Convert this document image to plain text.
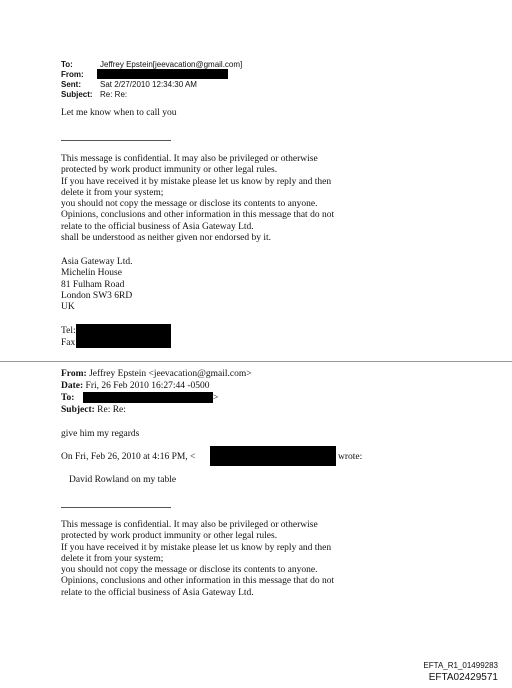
To:	Jeffrey Epstein[jeevacation@gmail.com]
From:
Sent: Sat 2/27/2010 12:34:30 AM
Subject: Re: Re:
Let me know when to call you
This message is confidential. It may also be privileged or otherwise
protected by work product immunity or other legal rules.
If you have received it by mistake please let us know by reply and then
delete it from your system;
you should not copy the message or disclose its contents to anyone.
Opinions, conclusions and other information in this message that do not
relate to the official business of Asia Gateway Ltd.
shall be understood as neither given nor endorsed by it.
Asia Gateway Ltd.
Michelin House
81 Fulham Road
London SW3 6RD
UK
Tel:
Fax
From: Jeffrey Epstein <jeevacation@gmail.com>
Date: Fri, 26 Feb 2010 16:27:44 -0500
To:	>
Subject: Re: Re:
give him my regards
On Fri, Feb 26, 2010 at 4:16 PM, <	wrote:
David Rowland on my table
This message is confidential. It may also be privileged or otherwise
protected by work product immunity or other legal rules.
If you have received it by mistake please let us know by reply and then
delete it from your system;
you should not copy the message or disclose its contents to anyone.
Opinions, conclusions and other information in this message that do not
relate to the official business of Asia Gateway Ltd.
EFTA_R1_01499283
EFTA02429571
